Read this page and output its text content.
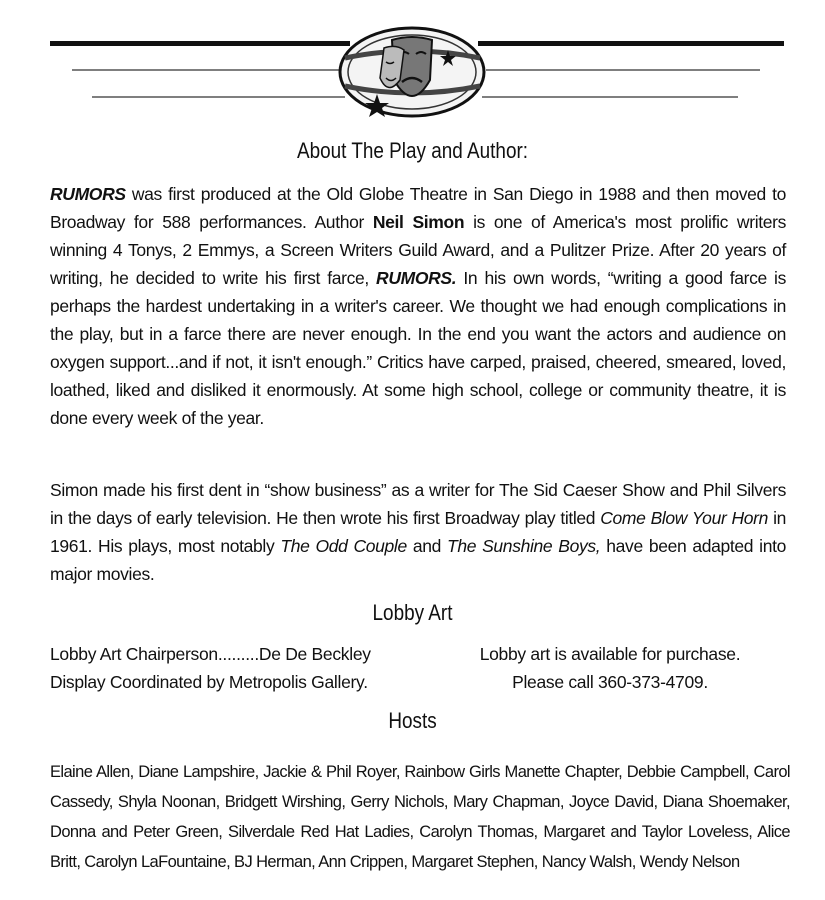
About The Play and Author:
RUMORS was first produced at the Old Globe Theatre in San Diego in 1988 and then moved to Broadway for 588 performances. Author Neil Simon is one of America's most prolific writers winning 4 Tonys, 2 Emmys, a Screen Writers Guild Award, and a Pulitzer Prize. After 20 years of writing, he decided to write his first farce, RUMORS. In his own words, “writing a good farce is perhaps the hardest undertaking in a writer's career. We thought we had enough complications in the play, but in a farce there are never enough. In the end you want the actors and audience on oxygen support...and if not, it isn't enough.” Critics have carped, praised, cheered, smeared, loved, loathed, liked and disliked it enormously. At some high school, college or community theatre, it is done every week of the year.
Simon made his first dent in “show business” as a writer for The Sid Caeser Show and Phil Silvers in the days of early television. He then wrote his first Broadway play titled Come Blow Your Horn in 1961. His plays, most notably The Odd Couple and The Sunshine Boys, have been adapted into major movies.
Lobby Art
Lobby Art Chairperson.........De De Beckley
Display Coordinated by Metropolis Gallery.
Lobby art is available for purchase.
Please call 360-373-4709.
Hosts
Elaine Allen, Diane Lampshire, Jackie & Phil Royer, Rainbow Girls Manette Chapter, Debbie Campbell, Carol Cassedy, Shyla Noonan, Bridgett Wirshing, Gerry Nichols, Mary Chapman, Joyce David, Diana Shoemaker, Donna and Peter Green, Silverdale Red Hat Ladies, Carolyn Thomas, Margaret and Taylor Loveless, Alice Britt, Carolyn LaFountaine, BJ Herman, Ann Crippen, Margaret Stephen, Nancy Walsh, Wendy Nelson
